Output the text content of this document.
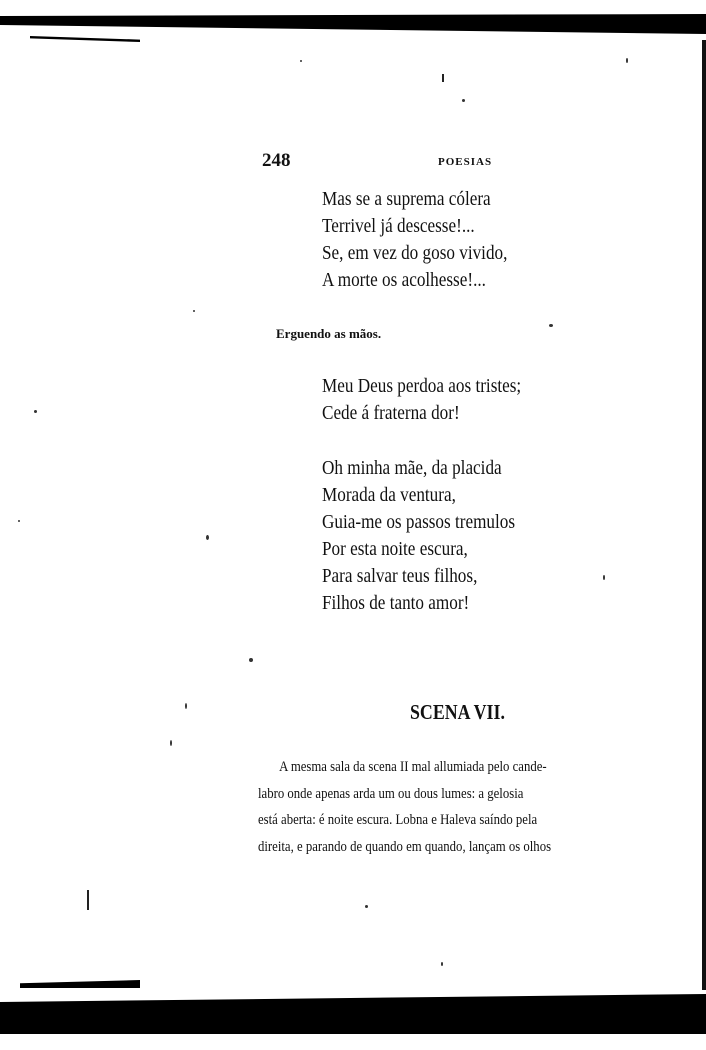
248	POESIAS
Mas se a suprema cólera
Terrivel já descesse!...
Se, em vez do goso vivido,
A morte os acolhesse!...
Erguendo as mãos.
Meu Deus perdoa aos tristes;
Cede á fraterna dor!
Oh minha mãe, da placida
Morada da ventura,
Guia-me os passos tremulos
Por esta noite escura,
Para salvar teus filhos,
Filhos de tanto amor!
SCENA VII.
A mesma sala da scena II mal allumiada pelo cande-
labro onde apenas arda um ou dous lumes: a gelosia
está aberta: é noite escura. Lobna e Haleva saíndo pela
direita, e parando de quando em quando, lançam os olhos
